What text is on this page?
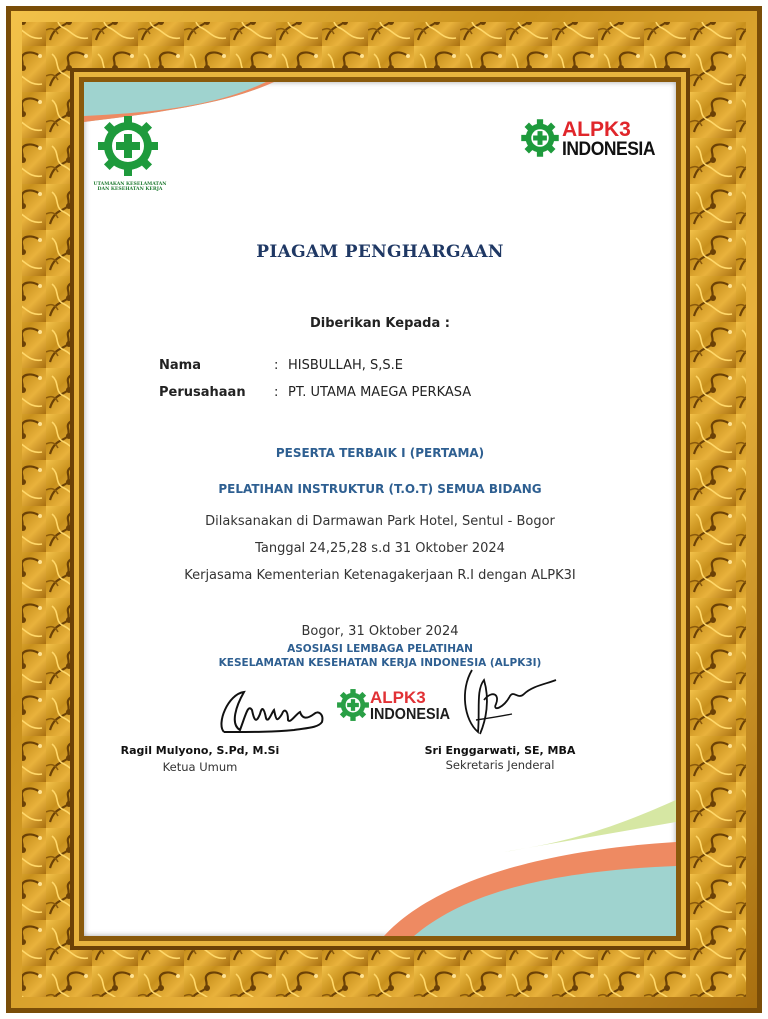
UTAMAKAN KESELAMATAN
DAN KESEHATAN KERJA
ALPK3
INDONESIA
PIAGAM PENGHARGAAN
Diberikan Kepada :
Nama	: HISBULLAH, S,S.E
Perusahaan : PT. UTAMA MAEGA PERKASA
PESERTA TERBAIK I (PERTAMA)
PELATIHAN INSTRUKTUR (T.O.T) SEMUA BIDANG
Dilaksanakan di Darmawan Park Hotel, Sentul - Bogor
Tanggal 24,25,28 s.d 31 Oktober 2024
Kerjasama Kementerian Ketenagakerjaan R.I dengan ALPK3I
Bogor, 31 Oktober 2024
ASOSIASI LEMBAGA PELATIHAN
KESELAMATAN KESEHATAN KERJA INDONESIA (ALPK3I)
ALPK3
INDONESIA
Ragil Mulyono, S.Pd, M.Si
Ketua Umum
Sri Enggarwati, SE, MBA
Sekretaris Jenderal
